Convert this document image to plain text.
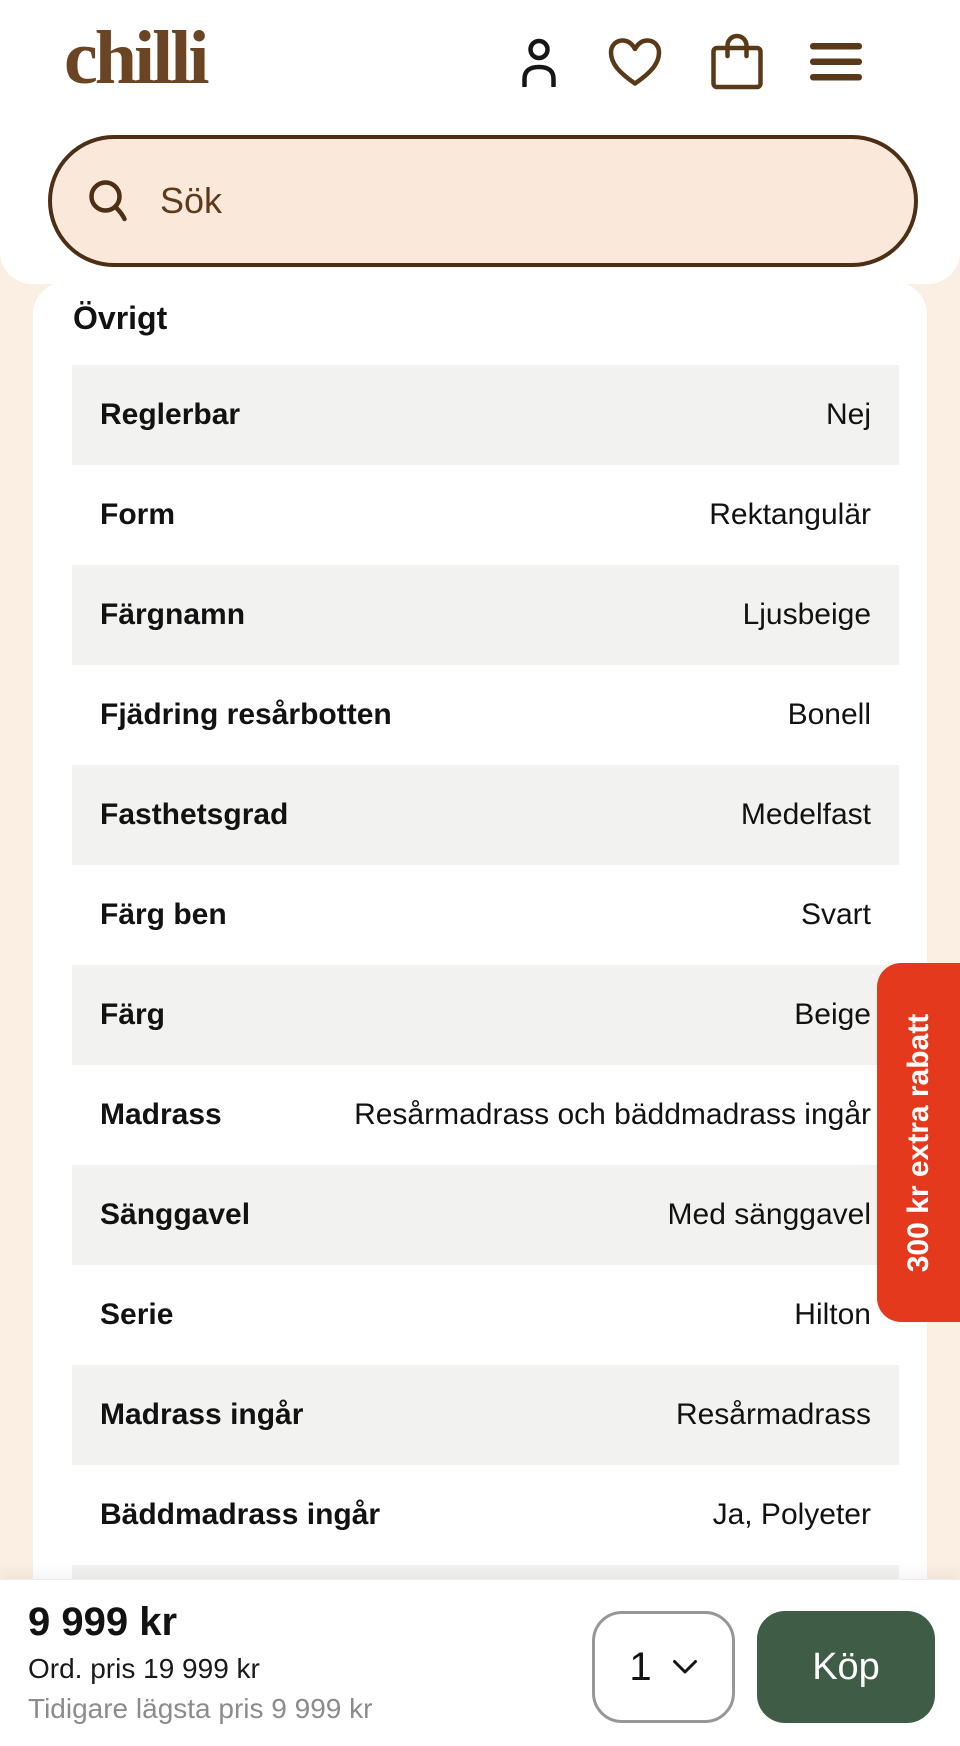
Övrigt
Reglerbar	Nej
Form	Rektangulär
Färgnamn	Ljusbeige
Fjädring resårbotten	Bonell
Fasthetsgrad	Medelfast
Färg ben	Svart
Färg	Beige
Madrass	Resårmadrass och bäddmadrass ingår
Sänggavel	Med sänggavel
Serie	Hilton
Madrass ingår	Resårmadrass
Bäddmadrass ingår	Ja, Polyeter
chilli
Sök
300 kr extra rabatt
9 999 kr
Ord. pris 19 999 kr
Tidigare lägsta pris 9 999 kr
1	Köp
